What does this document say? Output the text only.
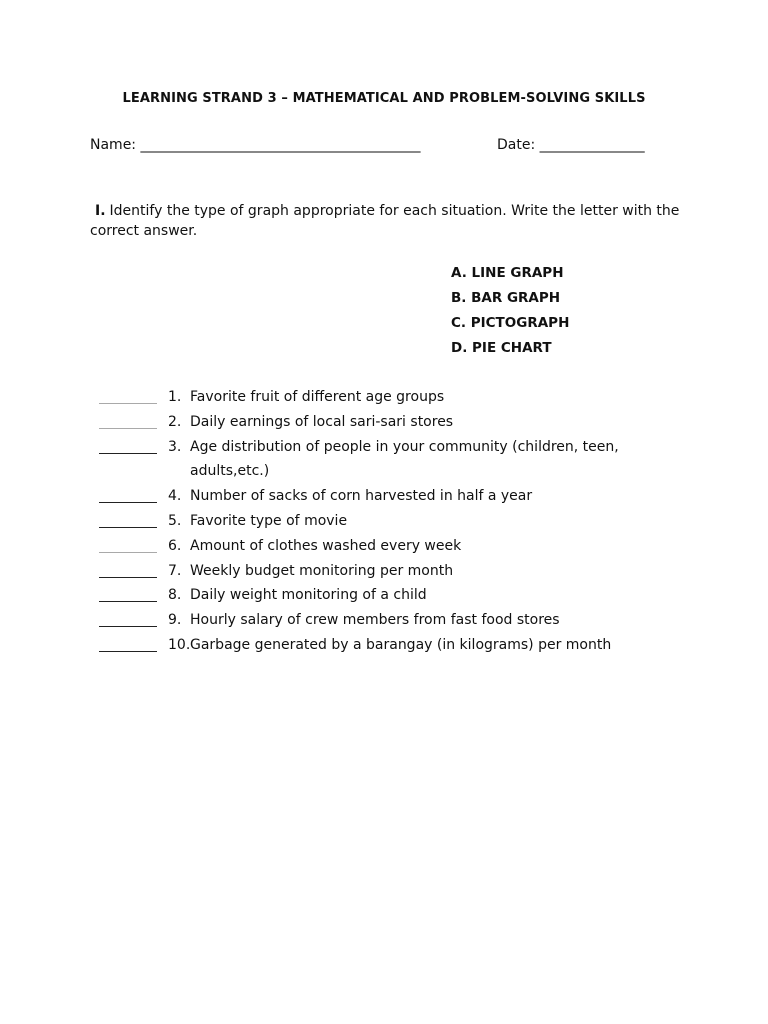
LEARNING STRAND 3 – MATHEMATICAL AND PROBLEM-SOLVING SKILLS
Name: ________________________________________	Date: _______________
I. Identify the type of graph appropriate for each situation. Write the letter with the correct answer.
A. LINE GRAPH
B. BAR GRAPH
C. PICTOGRAPH
D. PIE CHART
1. Favorite fruit of different age groups
2. Daily earnings of local sari-sari stores
3. Age distribution of people in your community (children, teen, adults,etc.)
4. Number of sacks of corn harvested in half a year
5. Favorite type of movie
6. Amount of clothes washed every week
7. Weekly budget monitoring per month
8. Daily weight monitoring of a child
9. Hourly salary of crew members from fast food stores
10. Garbage generated by a barangay (in kilograms) per month
